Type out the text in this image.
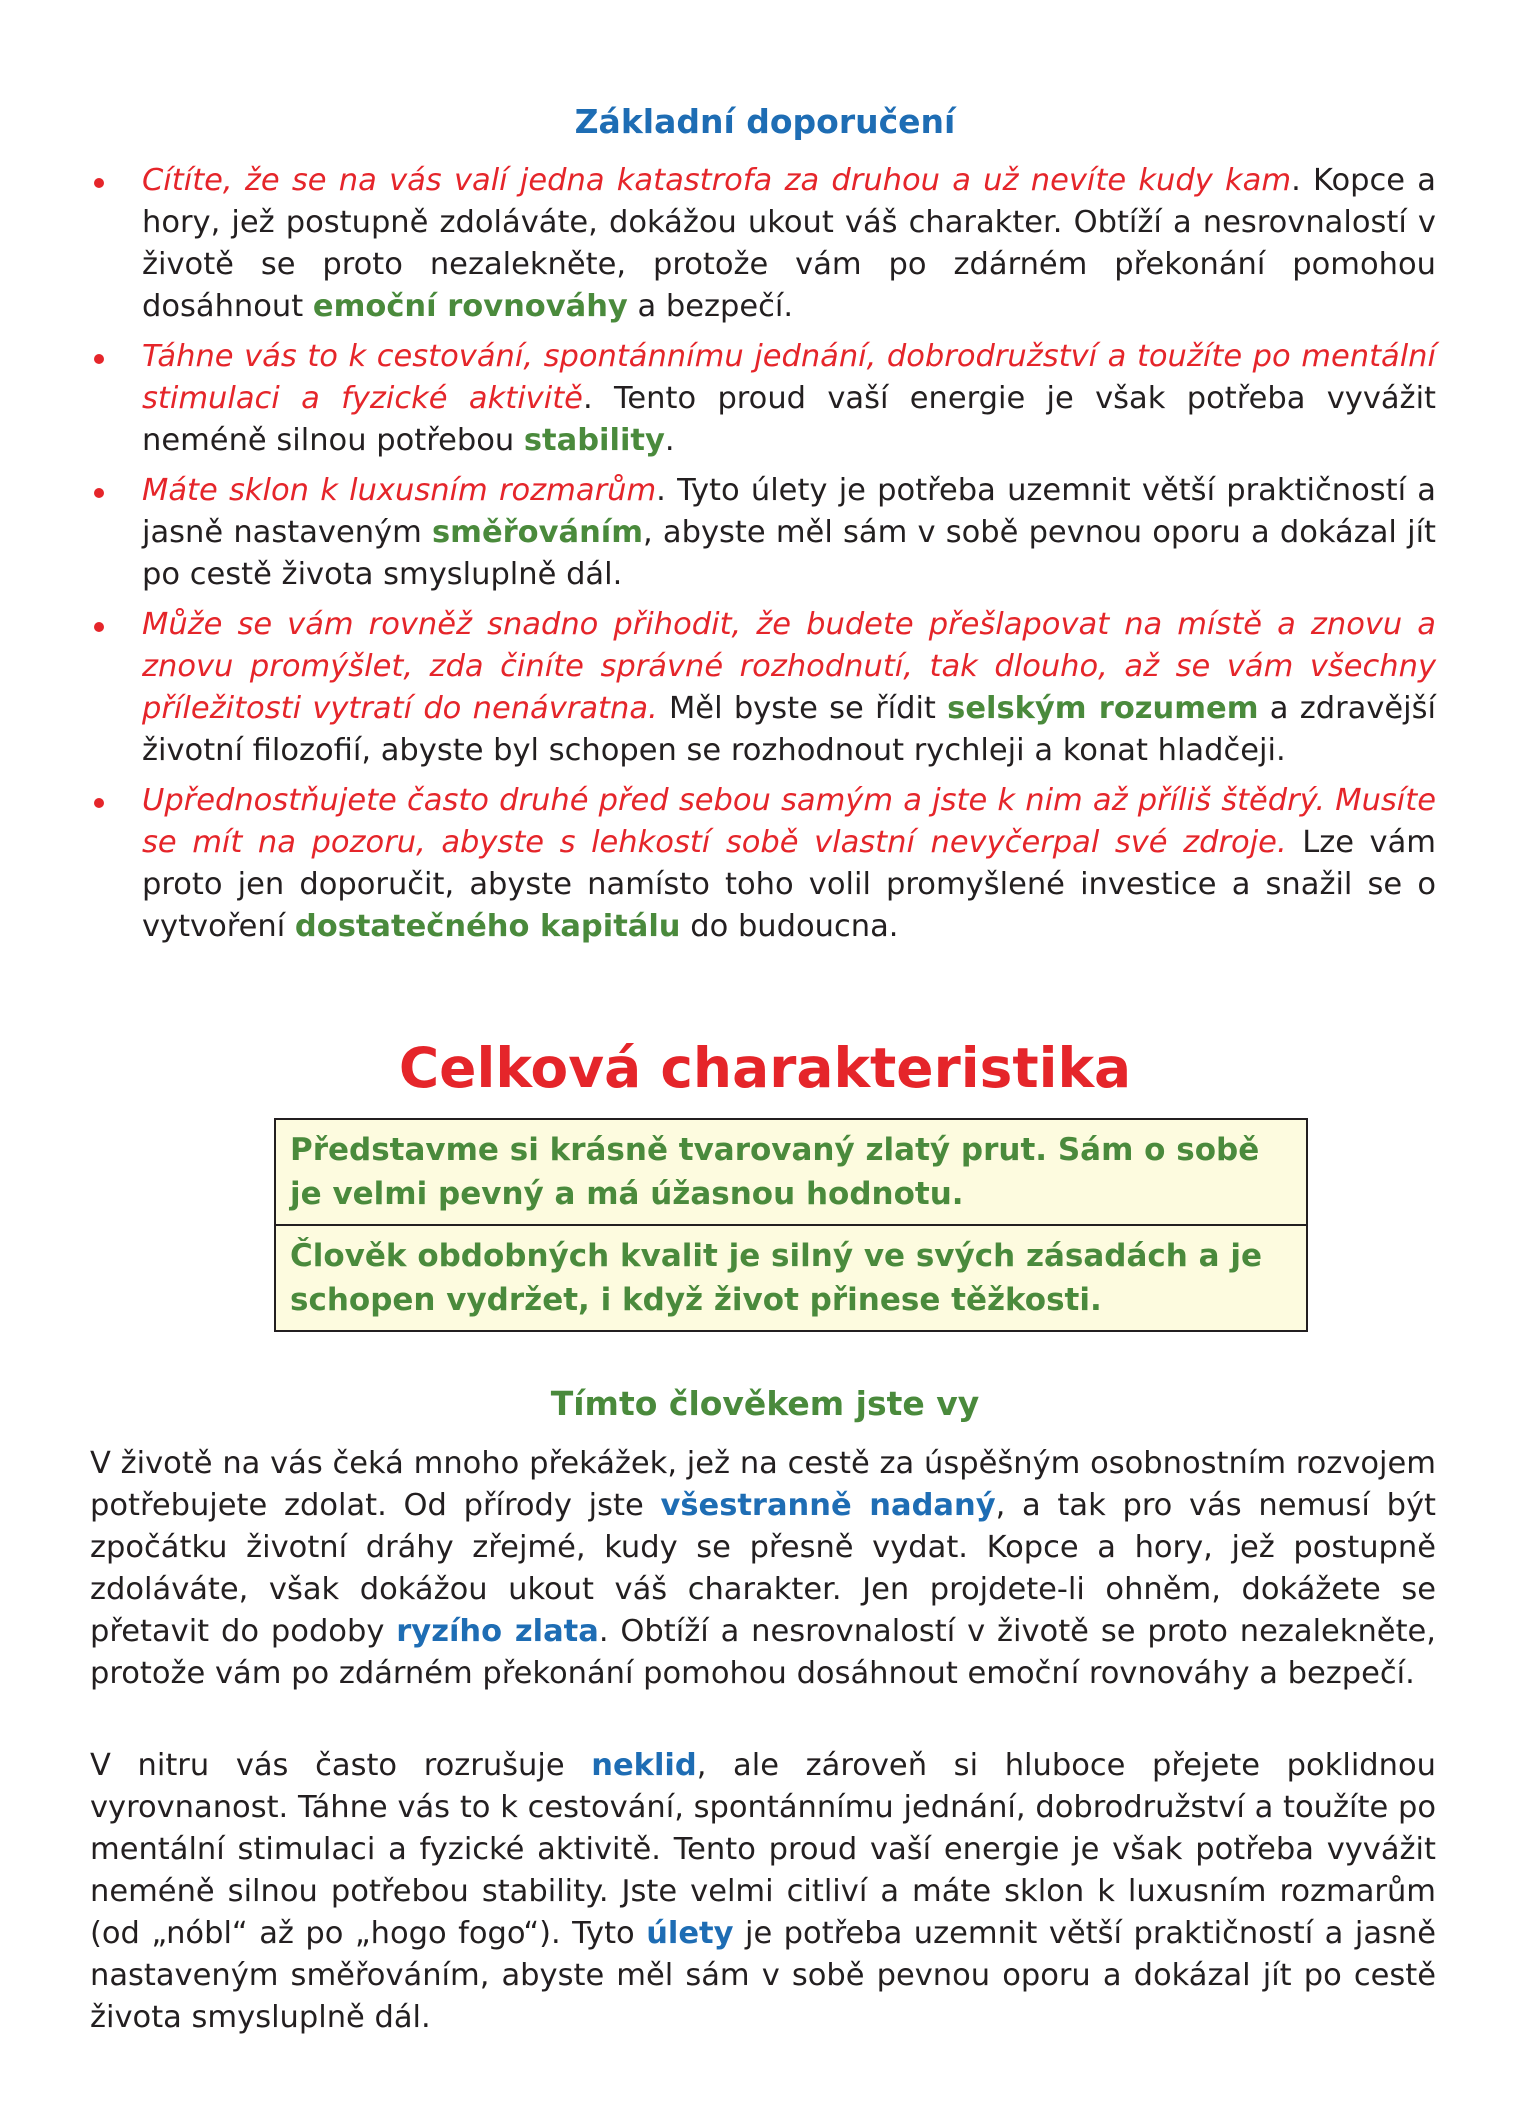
Základní doporučení
Cítíte, že se na vás valí jedna katastrofa za druhou a už nevíte kudy kam. Kopce a hory, jež postupně zdoláváte, dokážou ukout váš charakter. Obtíží a nesrovnalostí v životě se proto nezalekněte, protože vám po zdárném překonání pomohou dosáhnout emoční rovnováhy a bezpečí.
Táhne vás to k cestování, spontánnímu jednání, dobrodružství a toužíte po mentální stimulaci a fyzické aktivitě. Tento proud vaší energie je však potřeba vyvážit neméně silnou potřebou stability.
Máte sklon k luxusním rozmarům. Tyto úlety je potřeba uzemnit větší praktičností a jasně nastaveným směřováním, abyste měl sám v sobě pevnou oporu a dokázal jít po cestě života smysluplně dál.
Může se vám rovněž snadno přihodit, že budete přešlapovat na místě a znovu a znovu promýšlet, zda činíte správné rozhodnutí, tak dlouho, až se vám všechny příležitosti vytratí do nenávratna. Měl byste se řídit selským rozumem a zdravější životní filozofií, abyste byl schopen se rozhodnout rychleji a konat hladčeji.
Upřednostňujete často druhé před sebou samým a jste k nim až příliš štědrý. Musíte se mít na pozoru, abyste s lehkostí sobě vlastní nevyčerpal své zdroje. Lze vám proto jen doporučit, abyste namísto toho volil promyšlené investice a snažil se o vytvoření dostatečného kapitálu do budoucna.
Celková charakteristika
Představme si krásně tvarovaný zlatý prut. Sám o sobě je velmi pevný a má úžasnou hodnotu.
Člověk obdobných kvalit je silný ve svých zásadách a je schopen vydržet, i když život přinese těžkosti.
Tímto člověkem jste vy

V životě na vás čeká mnoho překážek, jež na cestě za úspěšným osobnostním rozvojem potřebujete zdolat. Od přírody jste všestranně nadaný, a tak pro vás nemusí být zpočátku životní dráhy zřejmé, kudy se přesně vydat. Kopce a hory, jež postupně zdoláváte, však dokážou ukout váš charakter. Jen projdete-li ohněm, dokážete se přetavit do podoby ryzího zlata. Obtíží a nesrovnalostí v životě se proto nezalekněte, protože vám po zdárném překonání pomohou dosáhnout emoční rovnováhy a bezpečí.

V nitru vás často rozrušuje neklid, ale zároveň si hluboce přejete poklidnou vyrovnanost. Táhne vás to k cestování, spontánnímu jednání, dobrodružství a toužíte po mentální stimulaci a fyzické aktivitě. Tento proud vaší energie je však potřeba vyvážit neméně silnou potřebou stability. Jste velmi citliví a máte sklon k luxusním rozmarům (od „nóbl“ až po „hogo fogo“). Tyto úlety je potřeba uzemnit větší praktičností a jasně nastaveným směřováním, abyste měl sám v sobě pevnou oporu a dokázal jít po cestě života smysluplně dál.
